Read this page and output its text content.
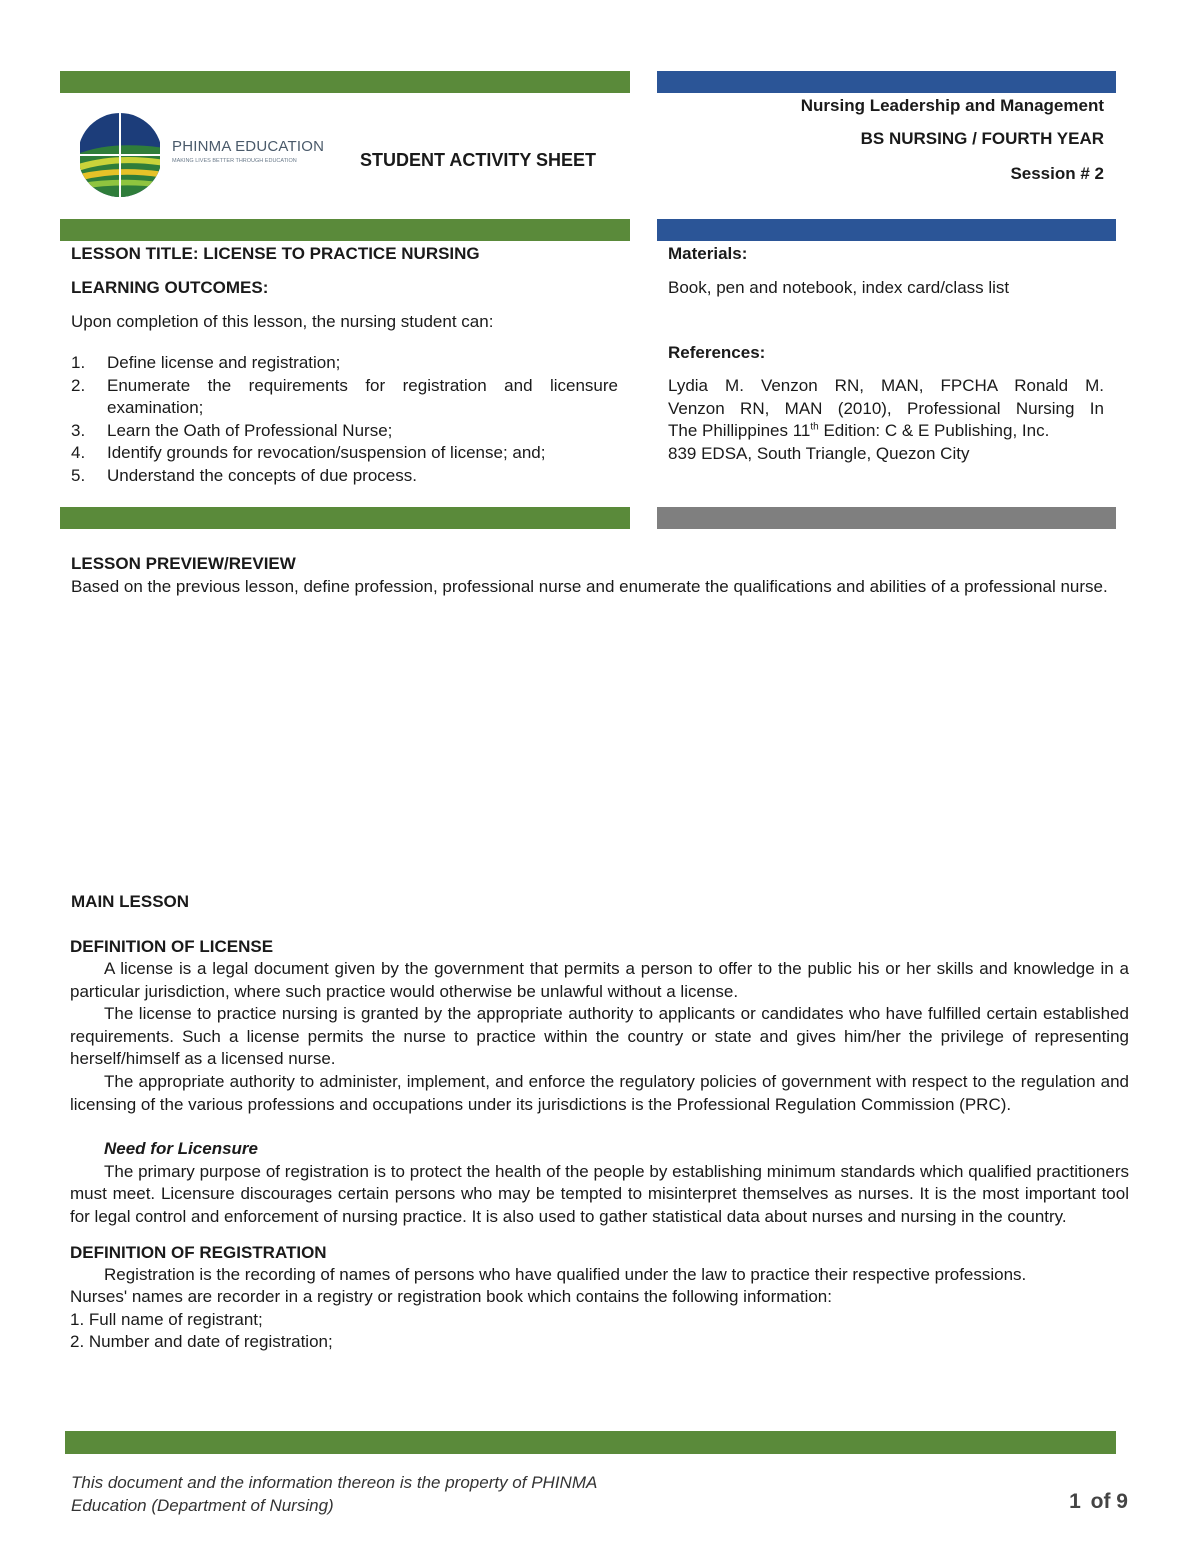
PHINMA EDUCATION
MAKING LIVES BETTER THROUGH EDUCATION	STUDENT ACTIVITY SHEET
Nursing Leadership and Management
BS NURSING / FOURTH YEAR
Session # 2
LESSON TITLE: LICENSE TO PRACTICE NURSING
LEARNING OUTCOMES:
Upon completion of this lesson, the nursing student can:
1. Define license and registration;
2. Enumerate the requirements for registration and licensure examination;
3. Learn the Oath of Professional Nurse;
4. Identify grounds for revocation/suspension of license; and;
5. Understand the concepts of due process.
Materials:
Book, pen and notebook, index card/class list
References:
Lydia M. Venzon RN, MAN, FPCHA Ronald M.
Venzon RN, MAN (2010), Professional Nursing In
The Phillippines 11th Edition: C & E Publishing, Inc.
839 EDSA, South Triangle, Quezon City
LESSON PREVIEW/REVIEW

Based on the previous lesson, define profession, professional nurse and enumerate the qualifications and abilities of a professional nurse.

MAIN LESSON
DEFINITION OF LICENSE

A license is a legal document given by the government that permits a person to offer to the public his or her skills and knowledge in a particular jurisdiction, where such practice would otherwise be unlawful without a license.

The license to practice nursing is granted by the appropriate authority to applicants or candidates who have fulfilled certain established requirements. Such a license permits the nurse to practice within the country or state and gives him/her the privilege of representing herself/himself as a licensed nurse.

The appropriate authority to administer, implement, and enforce the regulatory policies of government with respect to the regulation and licensing of the various professions and occupations under its jurisdictions is the Professional Regulation Commission (PRC).

Need for Licensure

The primary purpose of registration is to protect the health of the people by establishing minimum standards which qualified practitioners must meet. Licensure discourages certain persons who may be tempted to misinterpret themselves as nurses. It is the most important tool for legal control and enforcement of nursing practice. It is also used to gather statistical data about nurses and nursing in the country.

DEFINITION OF REGISTRATION

Registration is the recording of names of persons who have qualified under the law to practice their respective professions.

Nurses' names are recorder in a registry or registration book which contains the following information:

1. Full name of registrant;

2. Number and date of registration;

This document and the information thereon is the property of PHINMA
Education (Department of Nursing)	1 of 9
